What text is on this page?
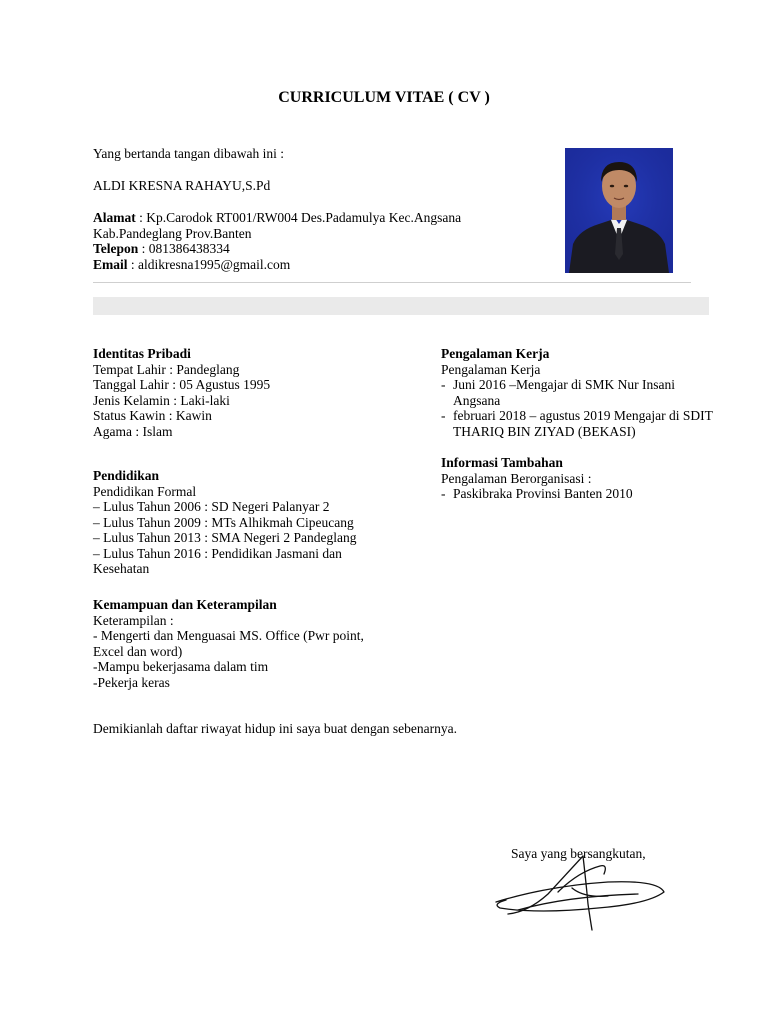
CURRICULUM VITAE ( CV )
Yang bertanda tangan dibawah ini :
ALDI KRESNA RAHAYU,S.Pd
Alamat : Kp.Carodok RT001/RW004 Des.Padamulya Kec.Angsana
Kab.Pandeglang Prov.Banten
Telepon : 081386438334
Email : aldikresna1995@gmail.com
Identitas Pribadi
Tempat Lahir : Pandeglang
Tanggal Lahir : 05 Agustus 1995
Jenis Kelamin : Laki-laki
Status Kawin : Kawin
Agama : Islam
Pendidikan
Pendidikan Formal
– Lulus Tahun 2006 : SD Negeri Palanyar 2
– Lulus Tahun 2009 : MTs Alhikmah Cipeucang
– Lulus Tahun 2013 : SMA Negeri 2 Pandeglang
– Lulus Tahun 2016 : Pendidikan Jasmani dan
Kesehatan
Kemampuan dan Keterampilan
Keterampilan :
- Mengerti dan Menguasai MS. Office (Pwr point,
Excel dan word)
-Mampu bekerjasama dalam tim
-Pekerja keras
Pengalaman Kerja
Pengalaman Kerja
- Juni 2016 –Mengajar di SMK Nur Insani
Angsana
- februari 2018 – agustus 2019 Mengajar di SDIT
THARIQ BIN ZIYAD (BEKASI)
Informasi Tambahan
Pengalaman Berorganisasi :
- Paskibraka Provinsi Banten 2010
Demikianlah daftar riwayat hidup ini saya buat dengan sebenarnya.
Saya yang bersangkutan,
